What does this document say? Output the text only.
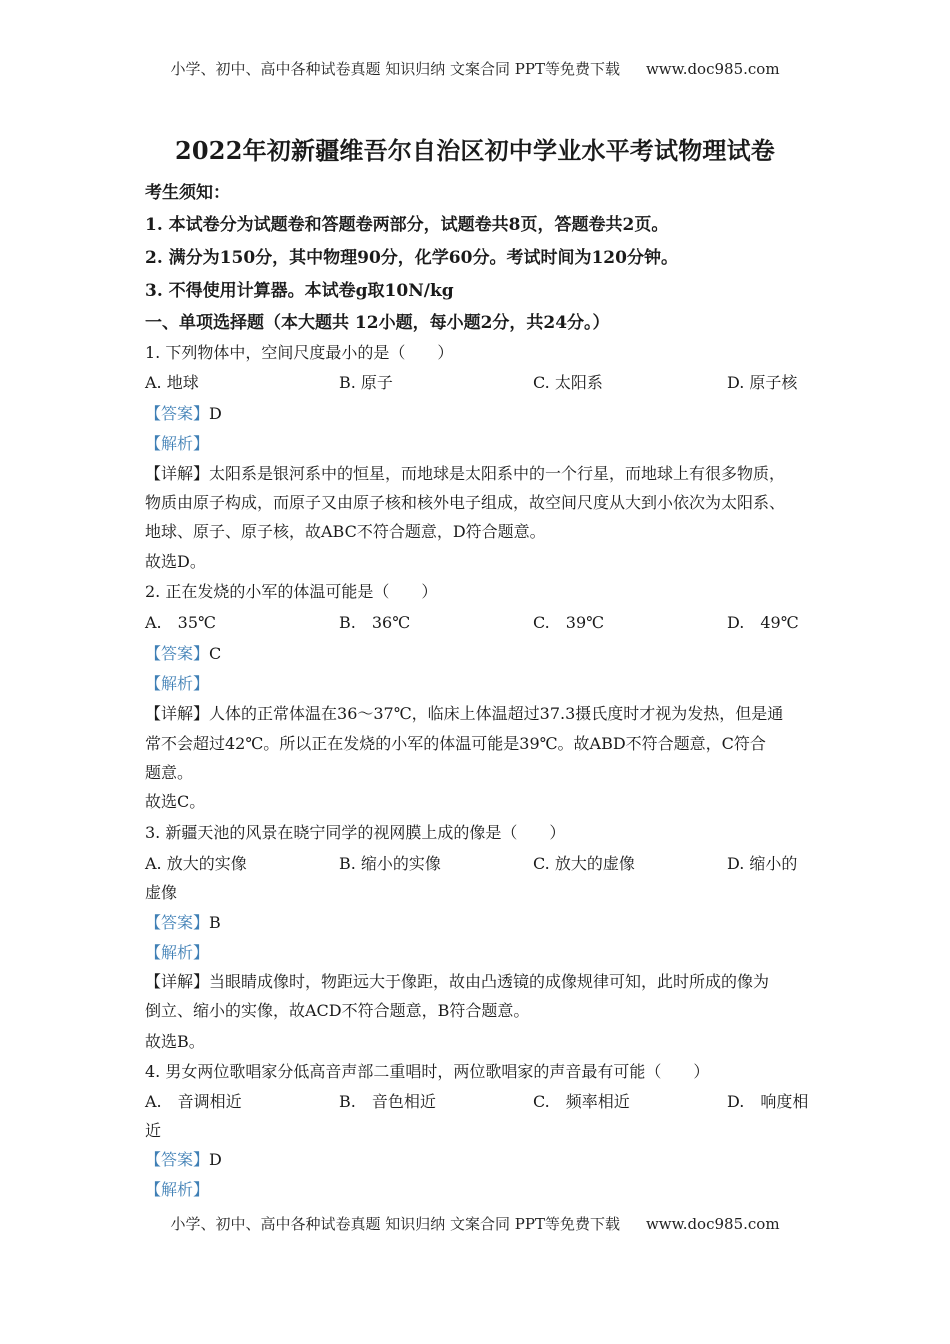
小学、初中、高中各种试卷真题 知识归纳 文案合同 PPT等免费下载 www.doc985.com
2022年初新疆维吾尔自治区初中学业水平考试物理试卷
考生须知：
1. 本试卷分为试题卷和答题卷两部分，试题卷共8页，答题卷共2页。
2. 满分为150分，其中物理90分，化学60分。考试时间为120分钟。
3. 不得使用计算器。本试卷g取10N/kg
一、单项选择题（本大题共 12小题，每小题2分，共24分。）
1. 下列物体中，空间尺度最小的是（　　）
A. 地球	B. 原子	C. 太阳系	D. 原子核
【答案】D
【解析】
【详解】太阳系是银河系中的恒星，而地球是太阳系中的一个行星，而地球上有很多物质，
物质由原子构成，而原子又由原子核和核外电子组成，故空间尺度从大到小依次为太阳系、
地球、原子、原子核，故ABC不符合题意，D符合题意。
故选D。
2. 正在发烧的小军的体温可能是（　　）
A.　35℃	B.　36℃	C.　39℃	D.　49℃
【答案】C
【解析】
【详解】人体的正常体温在36～37℃，临床上体温超过37.3摄氏度时才视为发热，但是通
常不会超过42℃。所以正在发烧的小军的体温可能是39℃。故ABD不符合题意，C符合
题意。
故选C。
3. 新疆天池的风景在晓宁同学的视网膜上成的像是（　　）
A. 放大的实像	B. 缩小的实像	C. 放大的虚像	D. 缩小的
虚像
【答案】B
【解析】
【详解】当眼睛成像时，物距远大于像距，故由凸透镜的成像规律可知，此时所成的像为
倒立、缩小的实像，故ACD不符合题意，B符合题意。
故选B。
4. 男女两位歌唱家分低高音声部二重唱时，两位歌唱家的声音最有可能（　　）
A.　音调相近	B.　音色相近	C.　频率相近	D.　响度相
近
【答案】D
【解析】
小学、初中、高中各种试卷真题 知识归纳 文案合同 PPT等免费下载 www.doc985.com
